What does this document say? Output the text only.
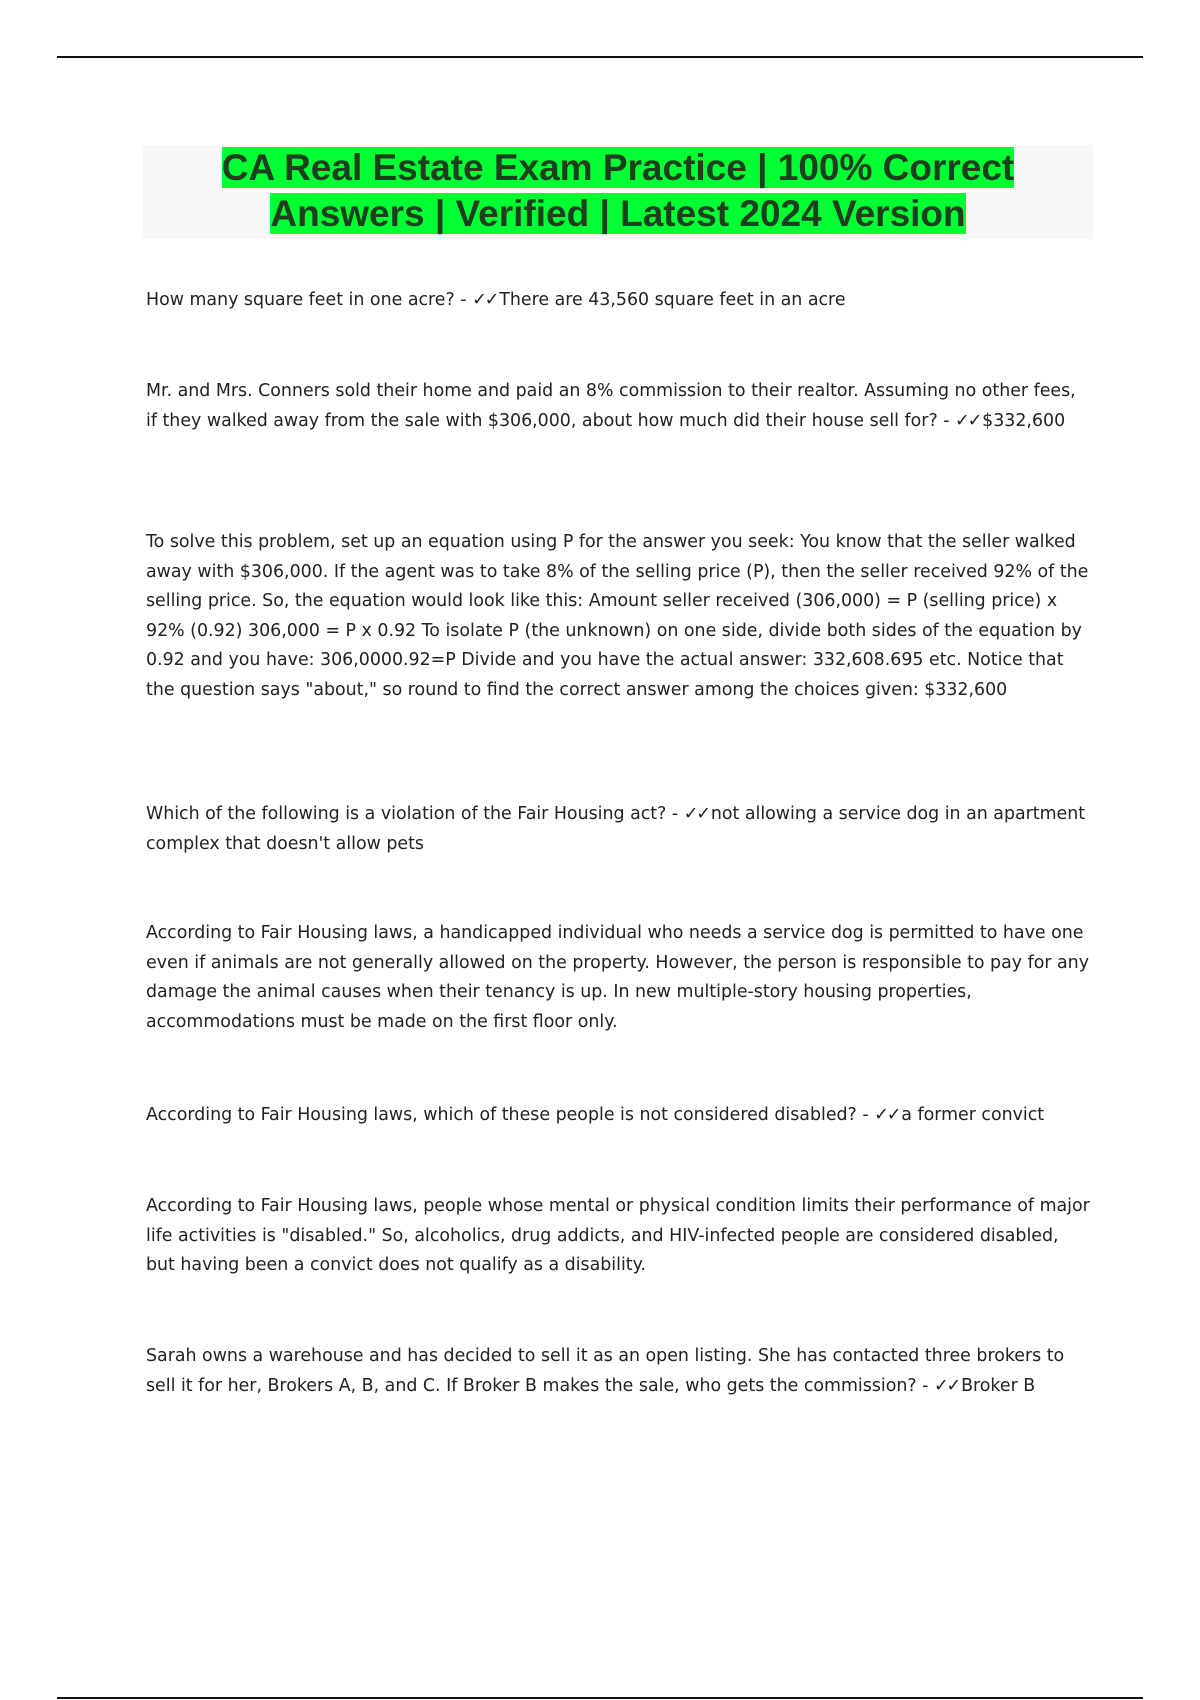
CA Real Estate Exam Practice | 100% Correct Answers | Verified | Latest 2024 Version
How many square feet in one acre? - ✓✓ There are 43,560 square feet in an acre
Mr. and Mrs. Conners sold their home and paid an 8% commission to their realtor. Assuming no other fees, if they walked away from the sale with $306,000, about how much did their house sell for? - ✓✓ $332,600
To solve this problem, set up an equation using P for the answer you seek: You know that the seller walked away with $306,000. If the agent was to take 8% of the selling price (P), then the seller received 92% of the selling price. So, the equation would look like this: Amount seller received (306,000) = P (selling price) x 92% (0.92) 306,000 = P x 0.92 To isolate P (the unknown) on one side, divide both sides of the equation by 0.92 and you have: 306,0000.92=P Divide and you have the actual answer: 332,608.695 etc. Notice that the question says "about," so round to find the correct answer among the choices given: $332,600
Which of the following is a violation of the Fair Housing act? - ✓✓ not allowing a service dog in an apartment complex that doesn't allow pets
According to Fair Housing laws, a handicapped individual who needs a service dog is permitted to have one even if animals are not generally allowed on the property. However, the person is responsible to pay for any damage the animal causes when their tenancy is up. In new multiple-story housing properties, accommodations must be made on the first floor only.
According to Fair Housing laws, which of these people is not considered disabled? - ✓✓ a former convict
According to Fair Housing laws, people whose mental or physical condition limits their performance of major life activities is "disabled." So, alcoholics, drug addicts, and HIV-infected people are considered disabled, but having been a convict does not qualify as a disability.
Sarah owns a warehouse and has decided to sell it as an open listing. She has contacted three brokers to sell it for her, Brokers A, B, and C. If Broker B makes the sale, who gets the commission? - ✓✓ Broker B
